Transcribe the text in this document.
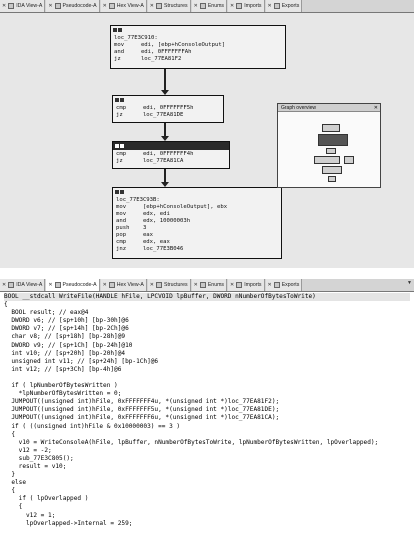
✕ IDA View-A ✕ Pseudocode-A ✕ Hex View-A ✕ Structures ✕ Enums ✕ Imports ✕ Exports
loc_77E3C910:
mov     edi, [ebp+hConsoleOutput]
and     edi, 0FFFFFFFAh
jz      loc_77EA81F2
cmp     edi, 0FFFFFFF5h
jz      loc_77EA81DE
cmp     edi, 0FFFFFFF4h
jz      loc_77EA81CA
loc_77E3C93B:
mov     [ebp+hConsoleOutput], ebx
mov     edx, edi
and     edx, 10000003h
push    3
pop     eax
cmp     edx, eax
jnz     loc_77E3B046
Graph overview	✕
✕ IDA View-A ✕ Pseudocode-A ✕ Hex View-A ✕ Structures ✕ Enums ✕ Imports ✕ Exports	▼
BOOL __stdcall WriteFile(HANDLE hFile, LPCVOID lpBuffer, DWORD nNumberOfBytesToWrite)
{
BOOL result; // eax@4
DWORD v6; // [sp+10h] [bp-30h]@6
DWORD v7; // [sp+14h] [bp-2Ch]@6
char v8; // [sp+18h] [bp-28h]@9
DWORD v9; // [sp+1Ch] [bp-24h]@10
int v10; // [sp+20h] [bp-20h]@4
unsigned int v11; // [sp+24h] [bp-1Ch]@6
int v12; // [sp+3Ch] [bp-4h]@6
if ( lpNumberOfBytesWritten )
*lpNumberOfBytesWritten = 0;
JUMPOUT((unsigned int)hFile, 0xFFFFFFF4u, *(unsigned int *)loc_77EA81F2);
JUMPOUT((unsigned int)hFile, 0xFFFFFFF5u, *(unsigned int *)loc_77EA81DE);
JUMPOUT((unsigned int)hFile, 0xFFFFFFF6u, *(unsigned int *)loc_77EA81CA);
if ( ((unsigned int)hFile & 0x10000003) == 3 )
{
v10 = WriteConsoleA(hFile, lpBuffer, nNumberOfBytesToWrite, lpNumberOfBytesWritten, lpOverlapped);
v12 = -2;
sub_77E3C805();
result = v10;
}
else
{
if ( lpOverlapped )
{
v12 = 1;
lpOverlapped->Internal = 259;
